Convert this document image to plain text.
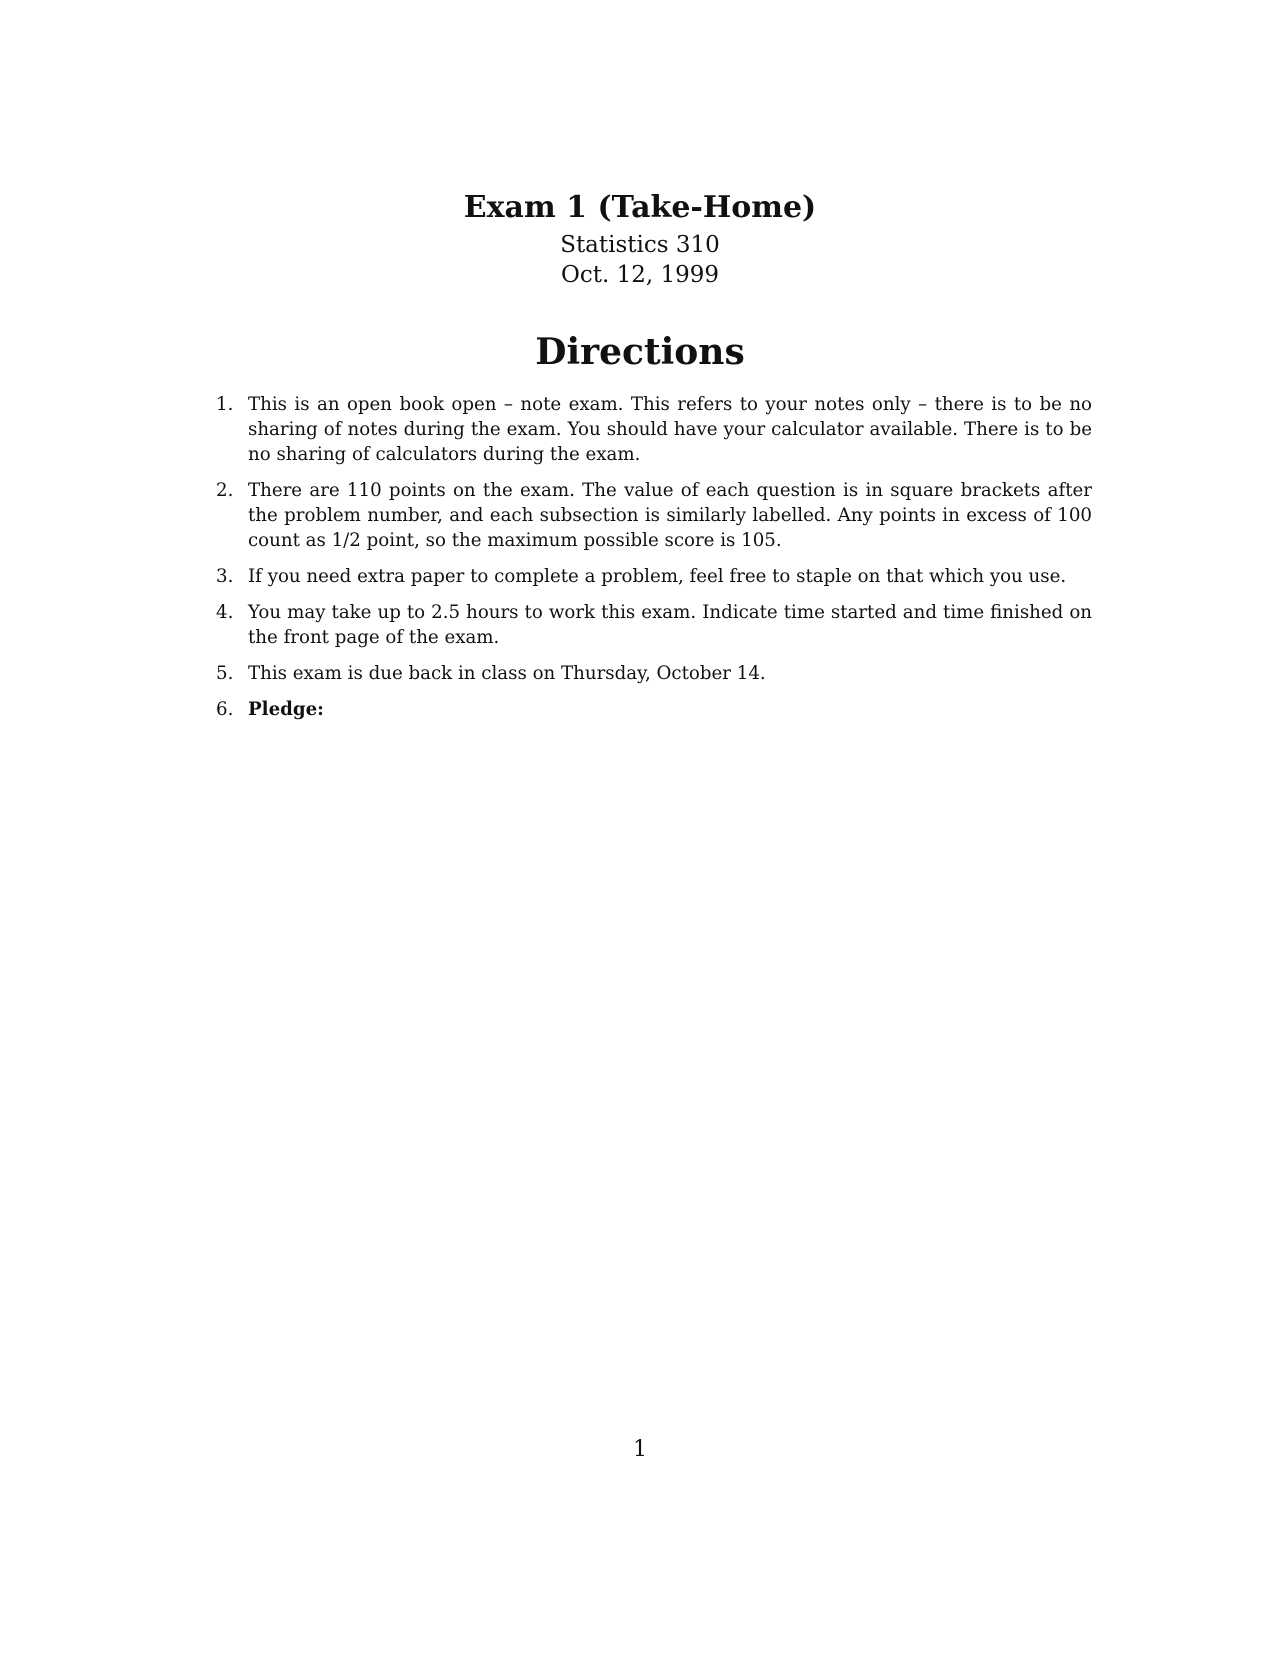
Exam 1 (Take-Home)
Statistics 310
Oct. 12, 1999
Directions
1. This is an open book open – note exam. This refers to your notes only – there is to be no sharing of notes during the exam. You should have your calculator available. There is to be no sharing of calculators during the exam.
2. There are 110 points on the exam. The value of each question is in square brackets after the problem number, and each subsection is similarly labelled. Any points in excess of 100 count as 1/2 point, so the maximum possible score is 105.
3. If you need extra paper to complete a problem, feel free to staple on that which you use.
4. You may take up to 2.5 hours to work this exam. Indicate time started and time finished on the front page of the exam.
5. This exam is due back in class on Thursday, October 14.
6. Pledge:
1
